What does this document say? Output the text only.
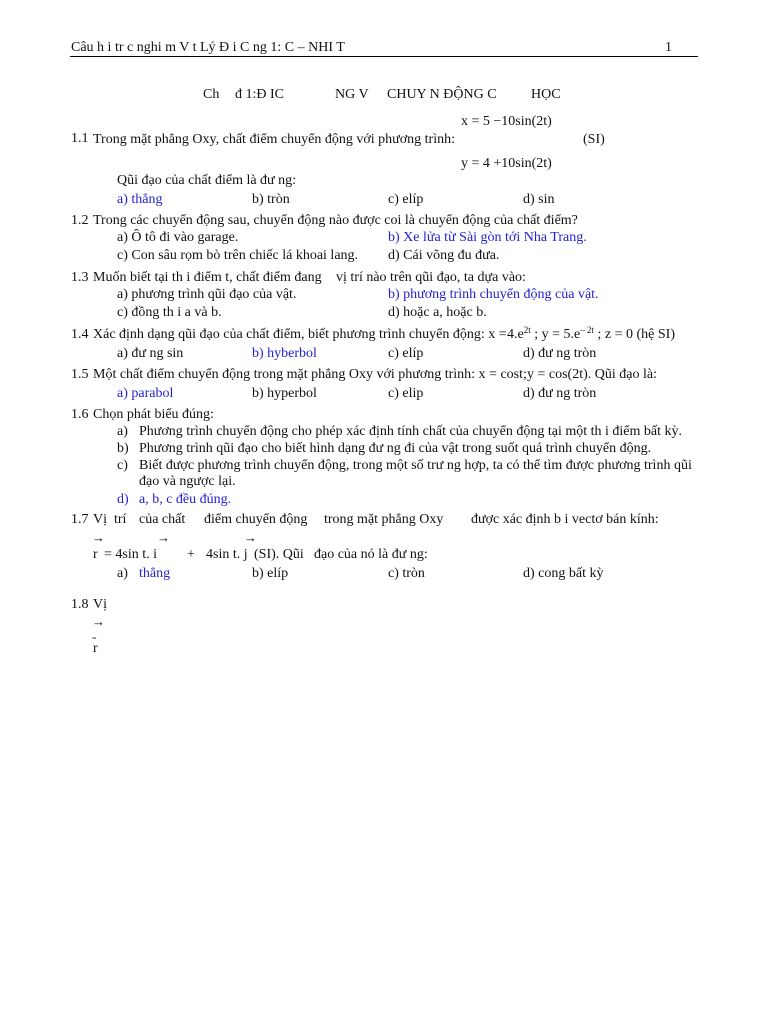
Câu h i tr c nghi m V t Lý Đ i C ng 1: C – NHI T	1
Ch đ 1:Đ IC	NG V CHUY N ĐỘNG C HỌC
x = 5 −10sin(2t)
1.1 Trong mặt phẳng Oxy, chất điểm chuyển động với phương trình:	(SI)
y = 4 +10sin(2t)
Qũi đạo của chất điểm là đư ng:
a) thẳng	b) tròn	c) elíp	d) sin
1.2 Trong các chuyển động sau, chuyển động nào được coi là chuyển động của chất điểm?
a) Ô tô đi vào garage.	b) Xe lửa từ Sài gòn tới Nha Trang.
c) Con sâu rọm bò trên chiếc lá khoai lang. d) Cái võng đu đưa.
1.3 Muốn biết tại th i điểm t, chất điểm đang vị trí nào trên qũi đạo, ta dựa vào:
a) phương trình qũi đạo của vật.	b) phương trình chuyển động của vật.
c) đồng th i a và b.	d) hoặc a, hoặc b.
1.4 Xác định dạng qũi đạo của chất điểm, biết phương trình chuyển động: $x = 4.e^{2t}$ ; $y = 5.e^{- 2t}$ ; z = 0 (hệ SI)
a) đư ng sin	b) hyberbol	c) elíp	d) đư ng tròn
1.5 Một chất điểm chuyển động trong mặt phẳng Oxy với phương trình: x = cost; y = cos(2t). Qũi đạo là:
a) parabol	b) hyperbol	c) elip	d) đư ng tròn
1.6 Chọn phát biểu đúng:
a) Phương trình chuyển động cho phép xác định tính chất của chuyển động tại một th i điểm bất kỳ.
b) Phương trình qũi đạo cho biết hình dạng đư ng đi của vật trong suốt quá trình chuyển động.
c) Biết được phương trình chuyển động, trong một số trư ng hợp, ta có thể tìm được phương trình qũi
đạo và ngược lại.
d) a, b, c đều đúng.
1.7 Vị trí của chất điểm chuyển động trong mặt phẳng Oxy được xác định b i vectơ bán kính:
→	→	→
r = 4sin t. i + 4sin t. j (SI). Qũi đạo của nó là đư ng:
a) thẳng	b) elíp	c) tròn	d) cong bất kỳ
1.8 Vị
→
=
r
